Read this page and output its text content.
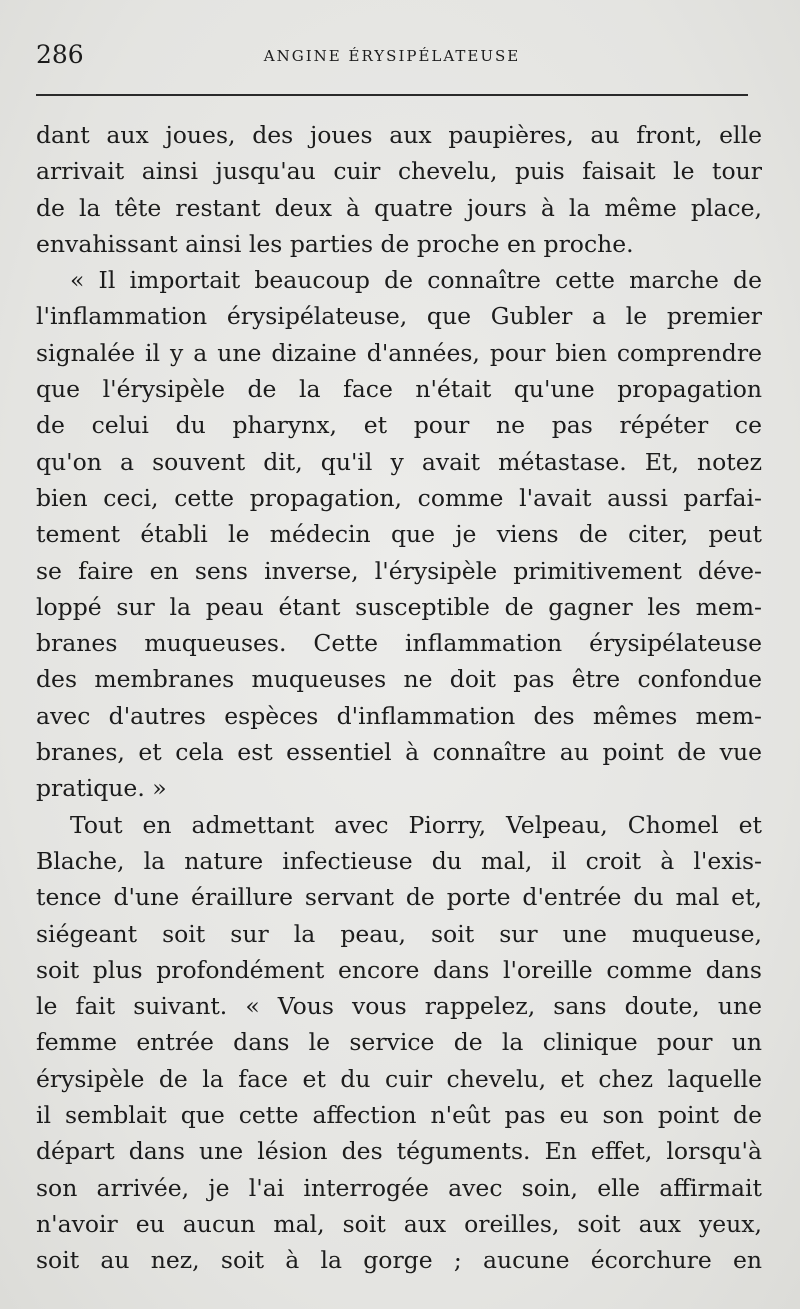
286	ANGINE ÉRYSIPÉLATEUSE
dant aux joues, des joues aux paupières, au front, elle
arrivait ainsi jusqu'au cuir chevelu, puis faisait le tour
de la tête restant deux à quatre jours à la même place,
envahissant ainsi les parties de proche en proche.
« Il importait beaucoup de connaître cette marche de
l'inflammation érysipélateuse, que Gubler a le premier
signalée il y a une dizaine d'années, pour bien comprendre
que l'érysipèle de la face n'était qu'une propagation
de celui du pharynx, et pour ne pas répéter ce
qu'on a souvent dit, qu'il y avait métastase. Et, notez
bien ceci, cette propagation, comme l'avait aussi parfai-
tement établi le médecin que je viens de citer, peut
se faire en sens inverse, l'érysipèle primitivement déve-
loppé sur la peau étant susceptible de gagner les mem-
branes muqueuses. Cette inflammation érysipélateuse
des membranes muqueuses ne doit pas être confondue
avec d'autres espèces d'inflammation des mêmes mem-
branes, et cela est essentiel à connaître au point de vue
pratique. »
Tout en admettant avec Piorry, Velpeau, Chomel et
Blache, la nature infectieuse du mal, il croit à l'exis-
tence d'une éraillure servant de porte d'entrée du mal et,
siégeant soit sur la peau, soit sur une muqueuse,
soit plus profondément encore dans l'oreille comme dans
le fait suivant. « Vous vous rappelez, sans doute, une
femme entrée dans le service de la clinique pour un
érysipèle de la face et du cuir chevelu, et chez laquelle
il semblait que cette affection n'eût pas eu son point de
départ dans une lésion des téguments. En effet, lorsqu'à
son arrivée, je l'ai interrogée avec soin, elle affirmait
n'avoir eu aucun mal, soit aux oreilles, soit aux yeux,
soit au nez, soit à la gorge ; aucune écorchure en
